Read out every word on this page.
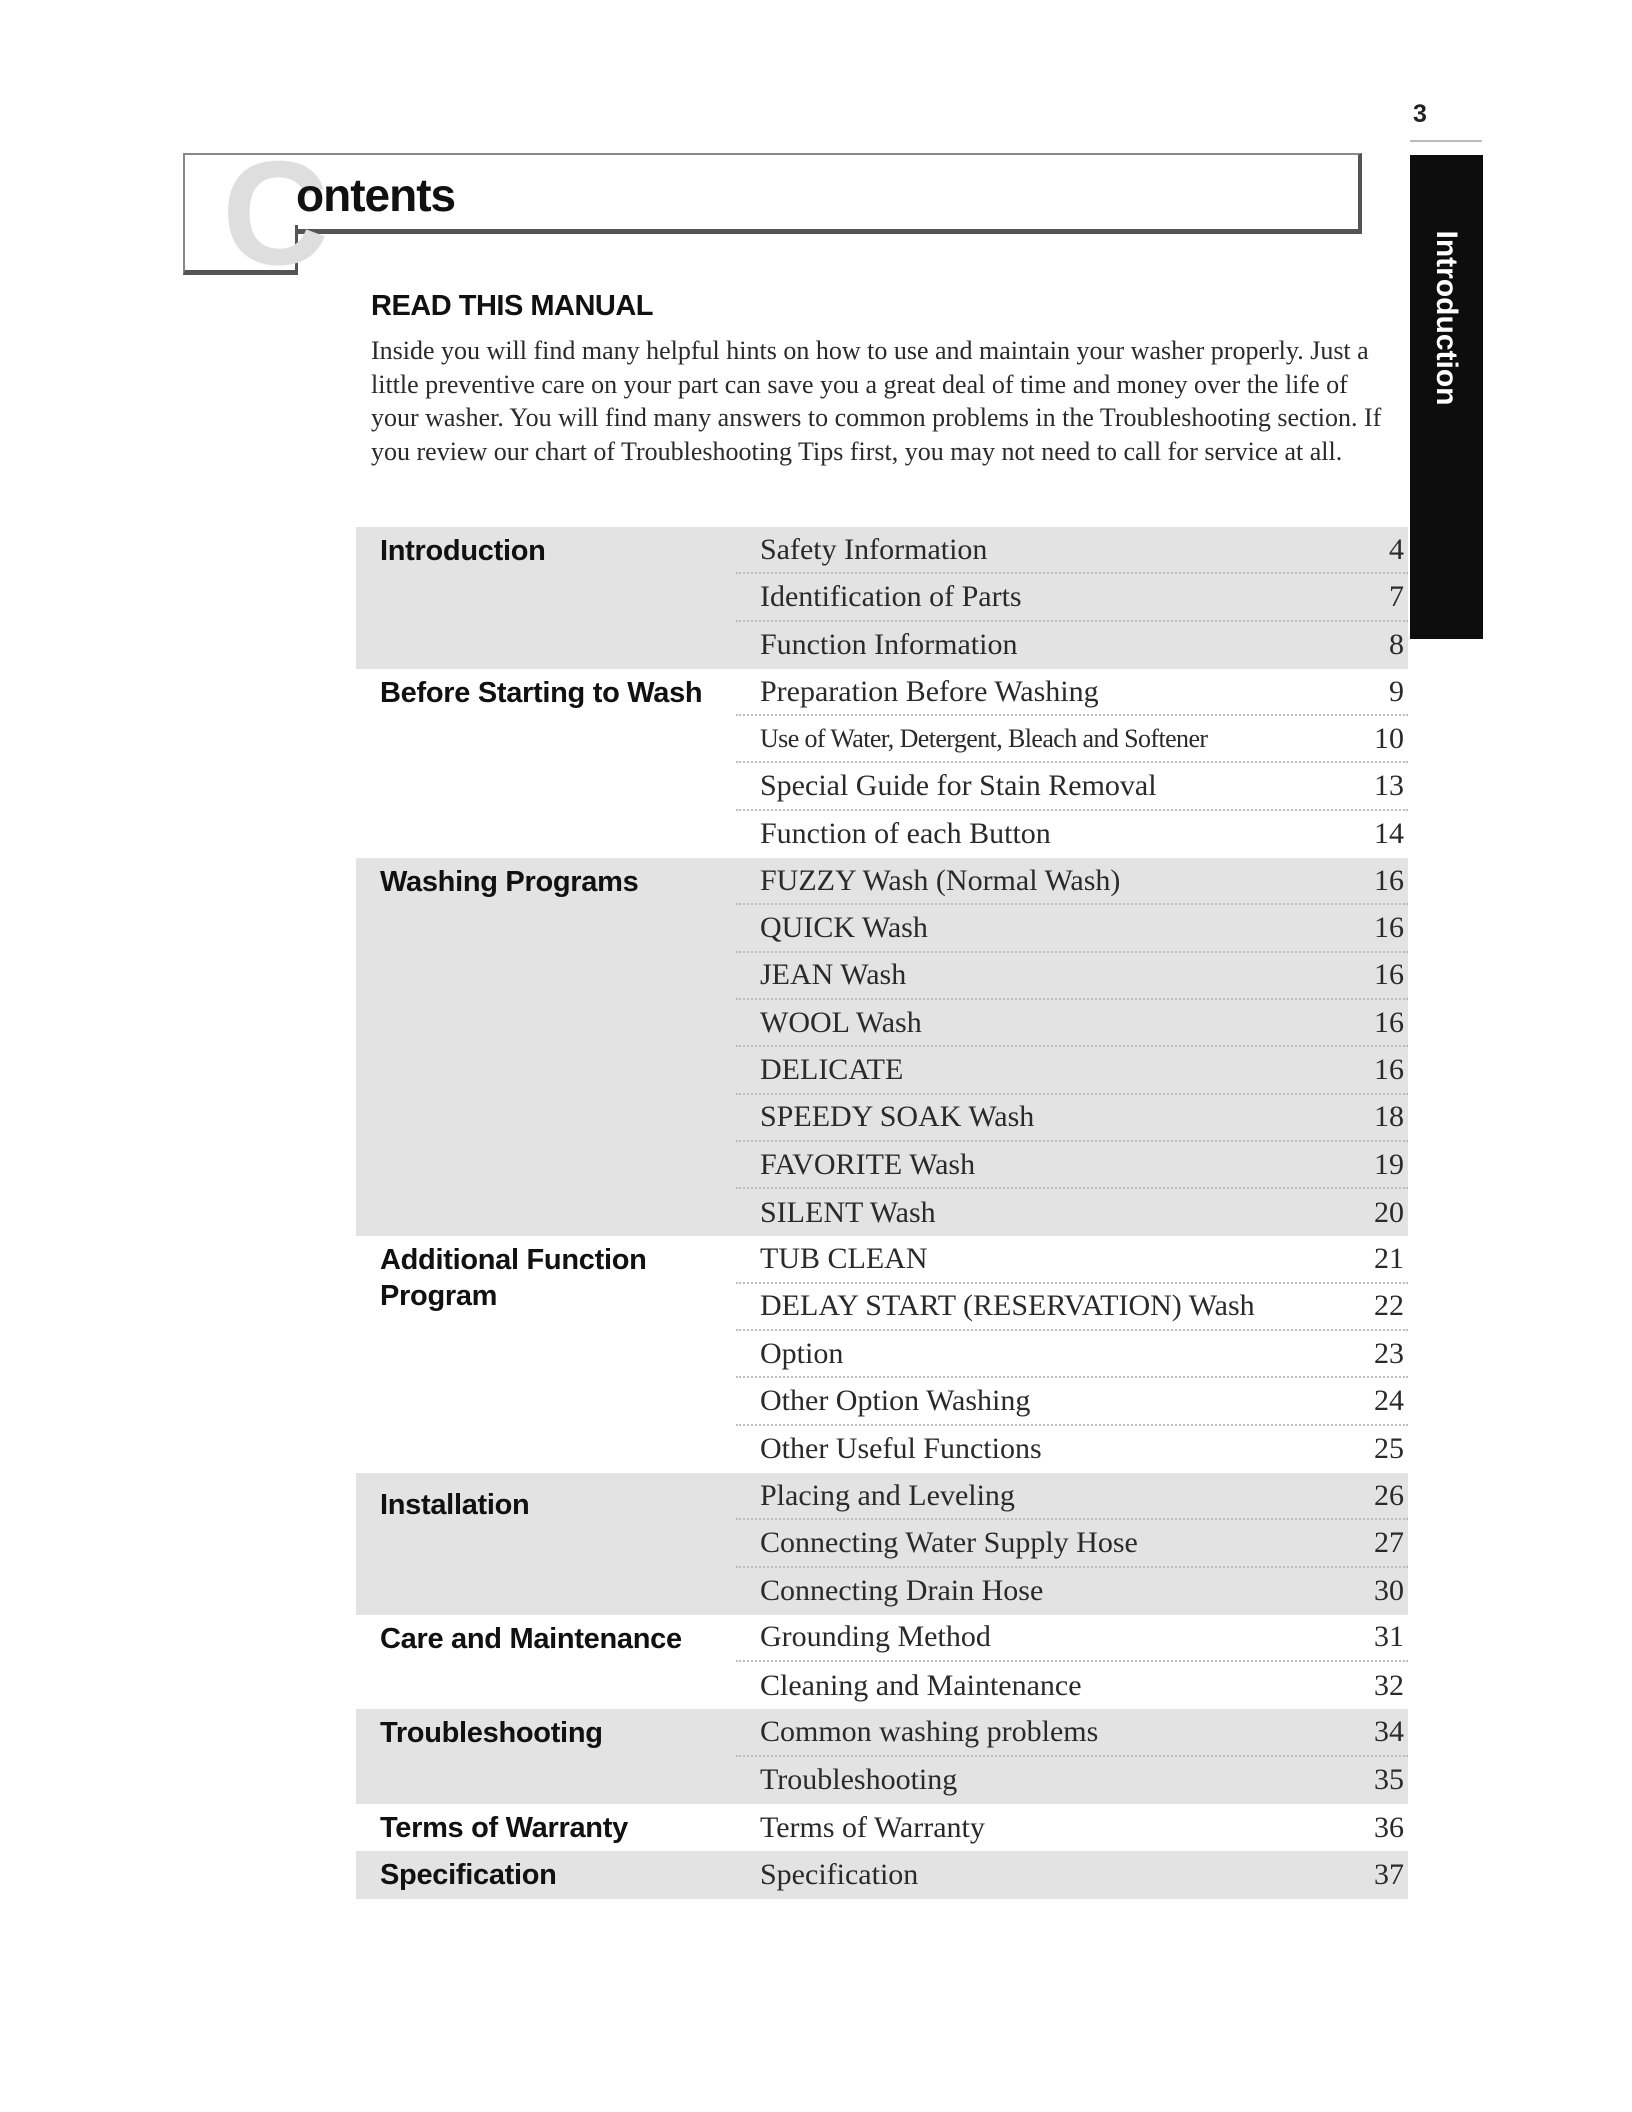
3
Introduction
C
ontents
READ THIS MANUAL
Inside you will find many helpful hints on how to use and maintain your washer properly. Just a little preventive care on your part can save you a great deal of time and money over the life of your washer. You will find many answers to common problems in the Troubleshooting section. If you review our chart of Troubleshooting Tips first, you may not need to call for service at all.
Introduction	Safety Information	4
Identification of Parts	7
Function Information	8
Before Starting to Wash	Preparation Before Washing	9
Use of Water, Detergent, Bleach and Softener	10
Special Guide for Stain Removal	13
Function of each Button	14
Washing Programs	FUZZY Wash (Normal Wash)	16
QUICK Wash	16
JEAN Wash	16
WOOL Wash	16
DELICATE	16
SPEEDY SOAK Wash	18
FAVORITE Wash	19
SILENT Wash	20
Additional Function Program
TUB CLEAN	21
DELAY START (RESERVATION) Wash	22
Option	23
Other Option Washing	24
Other Useful Functions	25
Installation	Placing and Leveling	26
Connecting Water Supply Hose	27
Connecting Drain Hose	30
Care and Maintenance	Grounding Method	31
Cleaning and Maintenance	32
Troubleshooting	Common washing problems	34
Troubleshooting	35
Terms of Warranty	Terms of Warranty	36
Specification	Specification	37
